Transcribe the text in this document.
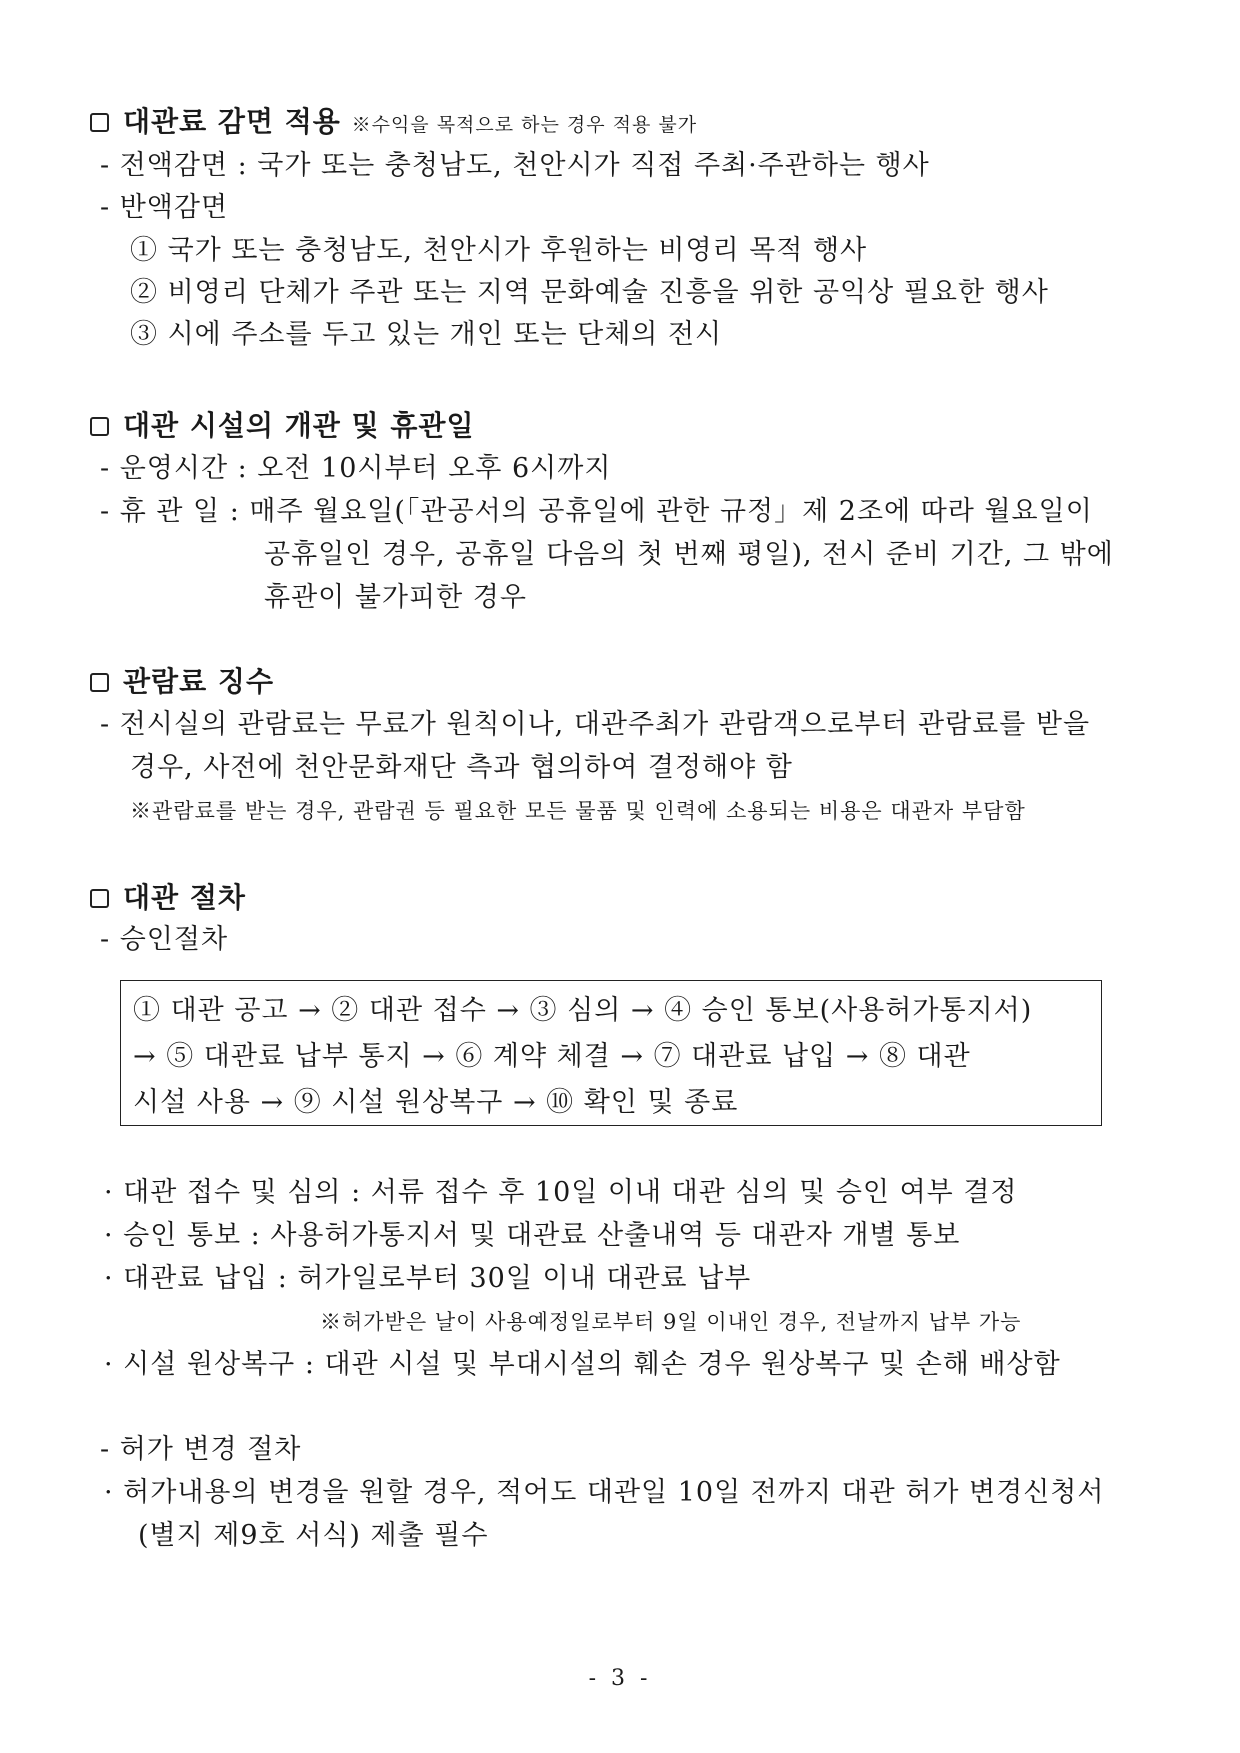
대관료 감면 적용 ※수익을 목적으로 하는 경우 적용 불가
- 전액감면 : 국가 또는 충청남도, 천안시가 직접 주최·주관하는 행사
- 반액감면
① 국가 또는 충청남도, 천안시가 후원하는 비영리 목적 행사
② 비영리 단체가 주관 또는 지역 문화예술 진흥을 위한 공익상 필요한 행사
③ 시에 주소를 두고 있는 개인 또는 단체의 전시
대관 시설의 개관 및 휴관일
- 운영시간 : 오전 10시부터 오후 6시까지
- 휴 관 일 : 매주 월요일(「관공서의 공휴일에 관한 규정」제 2조에 따라 월요일이
공휴일인 경우, 공휴일 다음의 첫 번째 평일), 전시 준비 기간, 그 밖에
휴관이 불가피한 경우
관람료 징수
- 전시실의 관람료는 무료가 원칙이나, 대관주최가 관람객으로부터 관람료를 받을
경우, 사전에 천안문화재단 측과 협의하여 결정해야 함
※관람료를 받는 경우, 관람권 등 필요한 모든 물품 및 인력에 소용되는 비용은 대관자 부담함
대관 절차
- 승인절차
① 대관 공고 → ② 대관 접수 → ③ 심의 → ④ 승인 통보(사용허가통지서)
→ ⑤ 대관료 납부 통지 → ⑥ 계약 체결 → ⑦ 대관료 납입 → ⑧ 대관
시설 사용 → ⑨ 시설 원상복구 → ⑩ 확인 및 종료
· 대관 접수 및 심의 : 서류 접수 후 10일 이내 대관 심의 및 승인 여부 결정
· 승인 통보 : 사용허가통지서 및 대관료 산출내역 등 대관자 개별 통보
· 대관료 납입 : 허가일로부터 30일 이내 대관료 납부
※허가받은 날이 사용예정일로부터 9일 이내인 경우, 전날까지 납부 가능
· 시설 원상복구 : 대관 시설 및 부대시설의 훼손 경우 원상복구 및 손해 배상함
- 허가 변경 절차
· 허가내용의 변경을 원할 경우, 적어도 대관일 10일 전까지 대관 허가 변경신청서
(별지 제9호 서식) 제출 필수
- 3 -
